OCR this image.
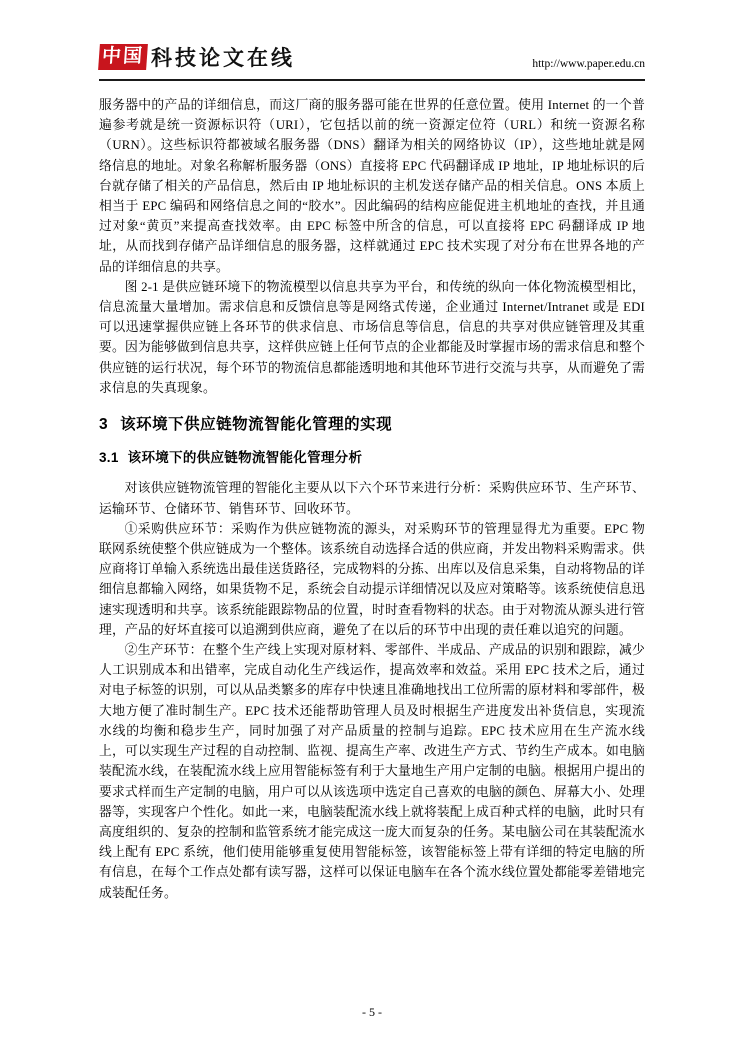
中国 科技论文在线	http://www.paper.edu.cn

服务器中的产品的详细信息，而这厂商的服务器可能在世界的任意位置。使用 Internet 的一个普遍参考就是统一资源标识符（URI），它包括以前的统一资源定位符（URL）和统一资源名称（URN）。这些标识符都被域名服务器（DNS）翻译为相关的网络协议（IP），这些地址就是网络信息的地址。对象名称解析服务器（ONS）直接将 EPC 代码翻译成 IP 地址，IP 地址标识的后台就存储了相关的产品信息，然后由 IP 地址标识的主机发送存储产品的相关信息。ONS 本质上相当于 EPC 编码和网络信息之间的“胶水”。因此编码的结构应能促进主机地址的查找，并且通过对象“黄页”来提高查找效率。由 EPC 标签中所含的信息，可以直接将 EPC 码翻译成 IP 地址，从而找到存储产品详细信息的服务器，这样就通过 EPC 技术实现了对分布在世界各地的产品的详细信息的共享。

图 2-1 是供应链环境下的物流模型以信息共享为平台，和传统的纵向一体化物流模型相比，信息流量大量增加。需求信息和反馈信息等是网络式传递，企业通过 Internet/Intranet 或是 EDI 可以迅速掌握供应链上各环节的供求信息、市场信息等信息，信息的共享对供应链管理及其重要。因为能够做到信息共享，这样供应链上任何节点的企业都能及时掌握市场的需求信息和整个供应链的运行状况，每个环节的物流信息都能透明地和其他环节进行交流与共享，从而避免了需求信息的失真现象。

3 该环境下供应链物流智能化管理的实现
3.1 该环境下的供应链物流智能化管理分析

对该供应链物流管理的智能化主要从以下六个环节来进行分析：采购供应环节、生产环节、运输环节、仓储环节、销售环节、回收环节。

①采购供应环节：采购作为供应链物流的源头，对采购环节的管理显得尤为重要。EPC 物联网系统使整个供应链成为一个整体。该系统自动选择合适的供应商，并发出物料采购需求。供应商将订单输入系统选出最佳送货路径，完成物料的分拣、出库以及信息采集，自动将物品的详细信息都输入网络，如果货物不足，系统会自动提示详细情况以及应对策略等。该系统使信息迅速实现透明和共享。该系统能跟踪物品的位置，时时查看物料的状态。由于对物流从源头进行管理，产品的好坏直接可以追溯到供应商，避免了在以后的环节中出现的责任难以追究的问题。

②生产环节：在整个生产线上实现对原材料、零部件、半成品、产成品的识别和跟踪，减少人工识别成本和出错率，完成自动化生产线运作，提高效率和效益。采用 EPC 技术之后，通过对电子标签的识别，可以从品类繁多的库存中快速且准确地找出工位所需的原材料和零部件，极大地方便了准时制生产。EPC 技术还能帮助管理人员及时根据生产进度发出补货信息，实现流水线的均衡和稳步生产，同时加强了对产品质量的控制与追踪。EPC 技术应用在生产流水线上，可以实现生产过程的自动控制、监视、提高生产率、改进生产方式、节约生产成本。如电脑装配流水线，在装配流水线上应用智能标签有利于大量地生产用户定制的电脑。根据用户提出的要求式样而生产定制的电脑，用户可以从该选项中选定自己喜欢的电脑的颜色、屏幕大小、处理器等，实现客户个性化。如此一来，电脑装配流水线上就将装配上成百种式样的电脑，此时只有高度组织的、复杂的控制和监管系统才能完成这一庞大而复杂的任务。某电脑公司在其装配流水线上配有 EPC 系统，他们使用能够重复使用智能标签，该智能标签上带有详细的特定电脑的所有信息，在每个工作点处都有读写器，这样可以保证电脑车在各个流水线位置处都能零差错地完成装配任务。

- 5 -
